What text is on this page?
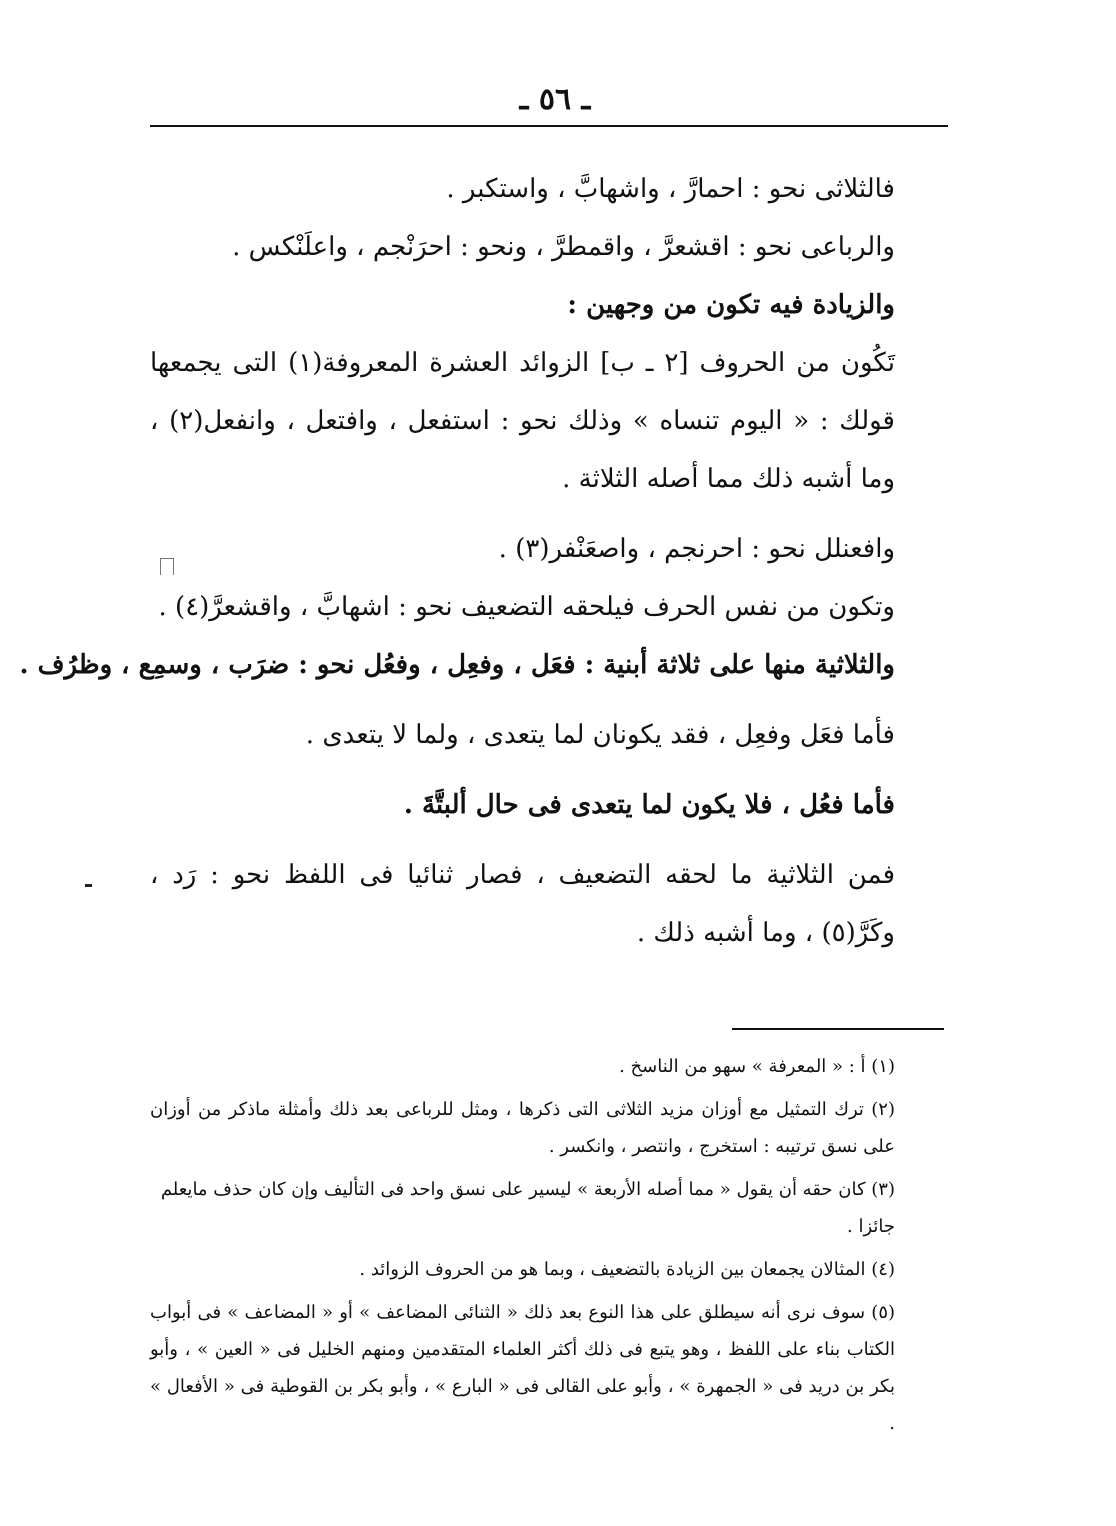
ـ ٥٦ ـ

فالثلاثى نحو : احمارَّ ، واشهابَّ ، واستكبر .

والرباعى نحو : اقشعرَّ ، واقمطرَّ ، ونحو : احرَنْجم ، واعلَنْكس .

والزيادة فيه تكون من وجهين :

تَكُون من الحروف [٢ ـ ب] الزوائد العشرة المعروفة(١) التى يجمعها قولك : « اليوم تنساه » وذلك نحو : استفعل ، وافتعل ، وانفعل(٢) ، وما أشبه ذلك مما أصله الثلاثة .

وافعنلل نحو : احرنجم ، واصعَنْفر(٣) .

وتكون من نفس الحرف فيلحقه التضعيف نحو : اشهابَّ ، واقشعرَّ(٤) .

والثلاثية منها على ثلاثة أبنية : فعَل ، وفعِل ، وفعُل نحو : ضرَب ، وسمِع ، وظرُف .

فأما فعَل وفعِل ، فقد يكونان لما يتعدى ، ولما لا يتعدى .

فأما فعُل ، فلا يكون لما يتعدى فى حال ألبتَّةَ .

فمن الثلاثية ما لحقه التضعيف ، فصار ثنائيا فى اللفظ نحو : رَد ، وكَرَّ(٥) ، وما أشبه ذلك .

(١) أ : « المعرفة » سهو من الناسخ .

(٢) ترك التمثيل مع أوزان مزيد الثلاثى التى ذكرها ، ومثل للرباعى بعد ذلك وأمثلة ماذكر من أوزان على نسق ترتيبه : استخرج ، وانتصر ، وانكسر .

(٣) كان حقه أن يقول « مما أصله الأربعة » ليسير على نسق واحد فى التأليف وإن كان حذف مايعلم جائزا .

(٤) المثالان يجمعان بين الزيادة بالتضعيف ، وبما هو من الحروف الزوائد .

(٥) سوف نرى أنه سيطلق على هذا النوع بعد ذلك « الثنائى المضاعف » أو « المضاعف » فى أبواب الكتاب بناء على اللفظ ، وهو يتبع فى ذلك أكثر العلماء المتقدمين ومنهم الخليل فى « العين » ، وأبو بكر بن دريد فى « الجمهرة » ، وأبو على القالى فى « البارع » ، وأبو بكر بن القوطية فى « الأفعال » .
